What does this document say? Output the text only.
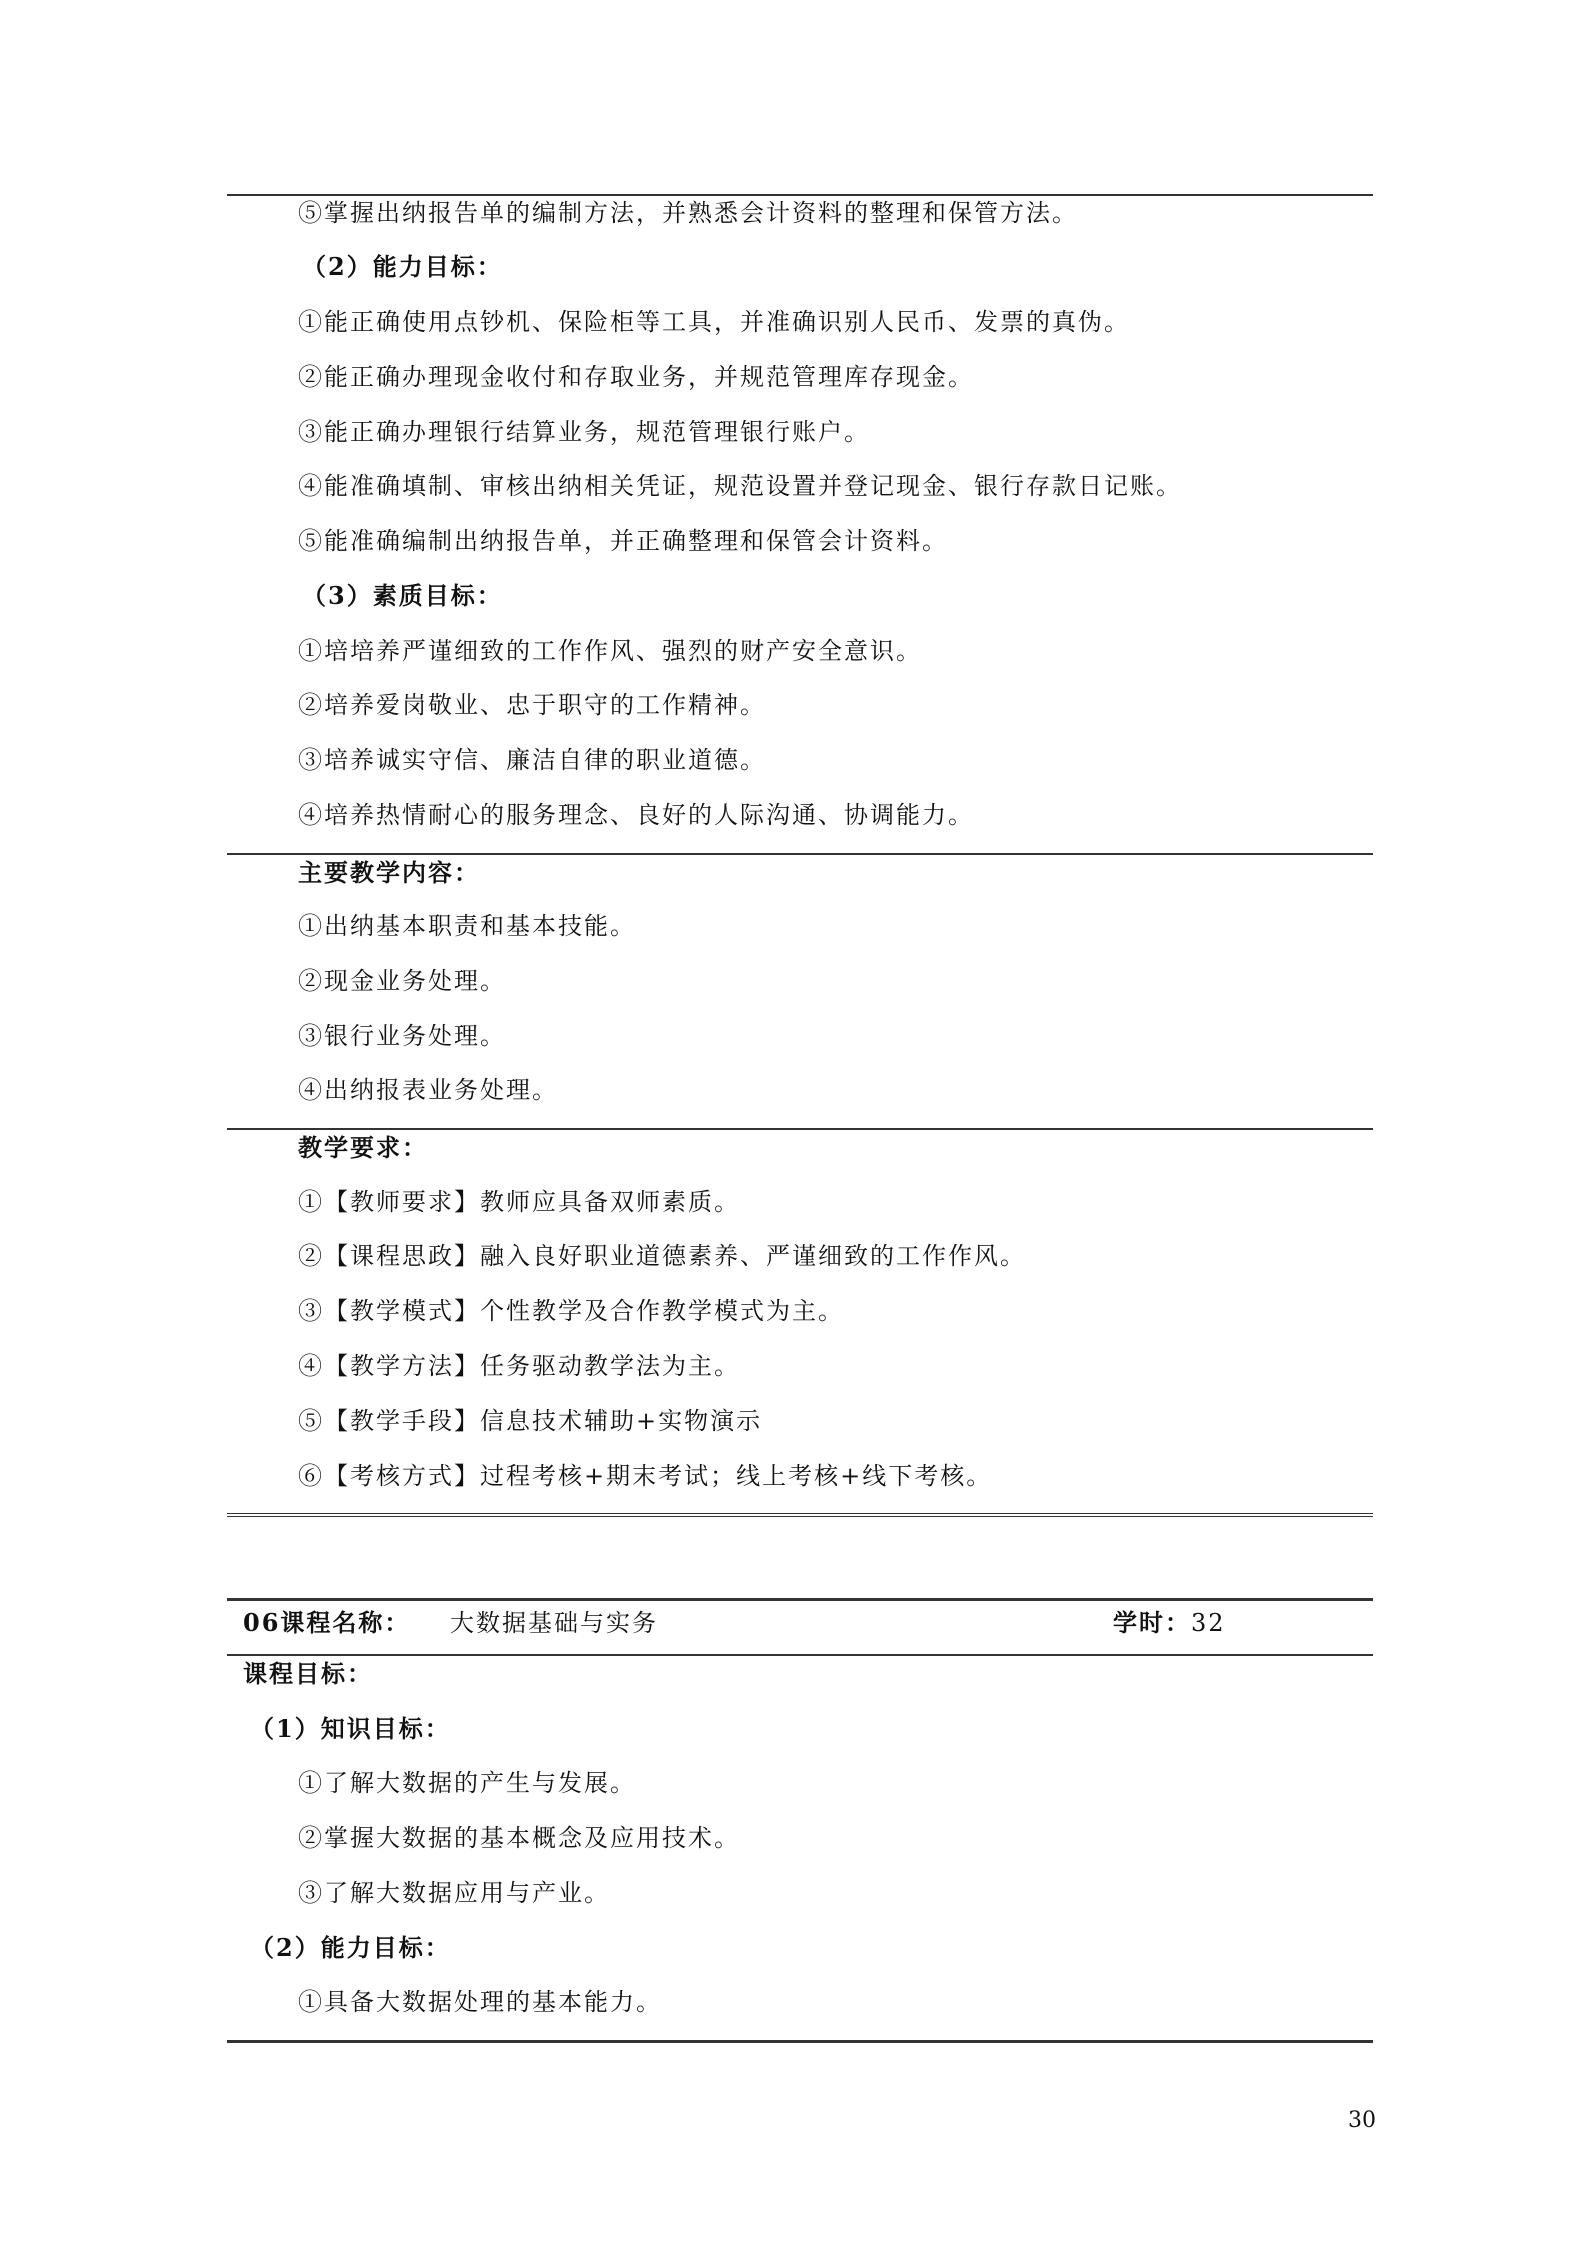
⑤掌握出纳报告单的编制方法，并熟悉会计资料的整理和保管方法。
（2）能力目标：
①能正确使用点钞机、保险柜等工具，并准确识别人民币、发票的真伪。
②能正确办理现金收付和存取业务，并规范管理库存现金。
③能正确办理银行结算业务，规范管理银行账户。
④能准确填制、审核出纳相关凭证，规范设置并登记现金、银行存款日记账。
⑤能准确编制出纳报告单，并正确整理和保管会计资料。
（3）素质目标：
①培培养严谨细致的工作作风、强烈的财产安全意识。
②培养爱岗敬业、忠于职守的工作精神。
③培养诚实守信、廉洁自律的职业道德。
④培养热情耐心的服务理念、良好的人际沟通、协调能力。
主要教学内容：
①出纳基本职责和基本技能。
②现金业务处理。
③银行业务处理。
④出纳报表业务处理。
教学要求：
①【教师要求】教师应具备双师素质。
②【课程思政】融入良好职业道德素养、严谨细致的工作作风。
③【教学模式】个性教学及合作教学模式为主。
④【教学方法】任务驱动教学法为主。
⑤【教学手段】信息技术辅助+实物演示
⑥【考核方式】过程考核+期末考试；线上考核+线下考核。
06课程名称： 大数据基础与实务	学时：32
课程目标：
（1）知识目标：
①了解大数据的产生与发展。
②掌握大数据的基本概念及应用技术。
③了解大数据应用与产业。
（2）能力目标：
①具备大数据处理的基本能力。
30
